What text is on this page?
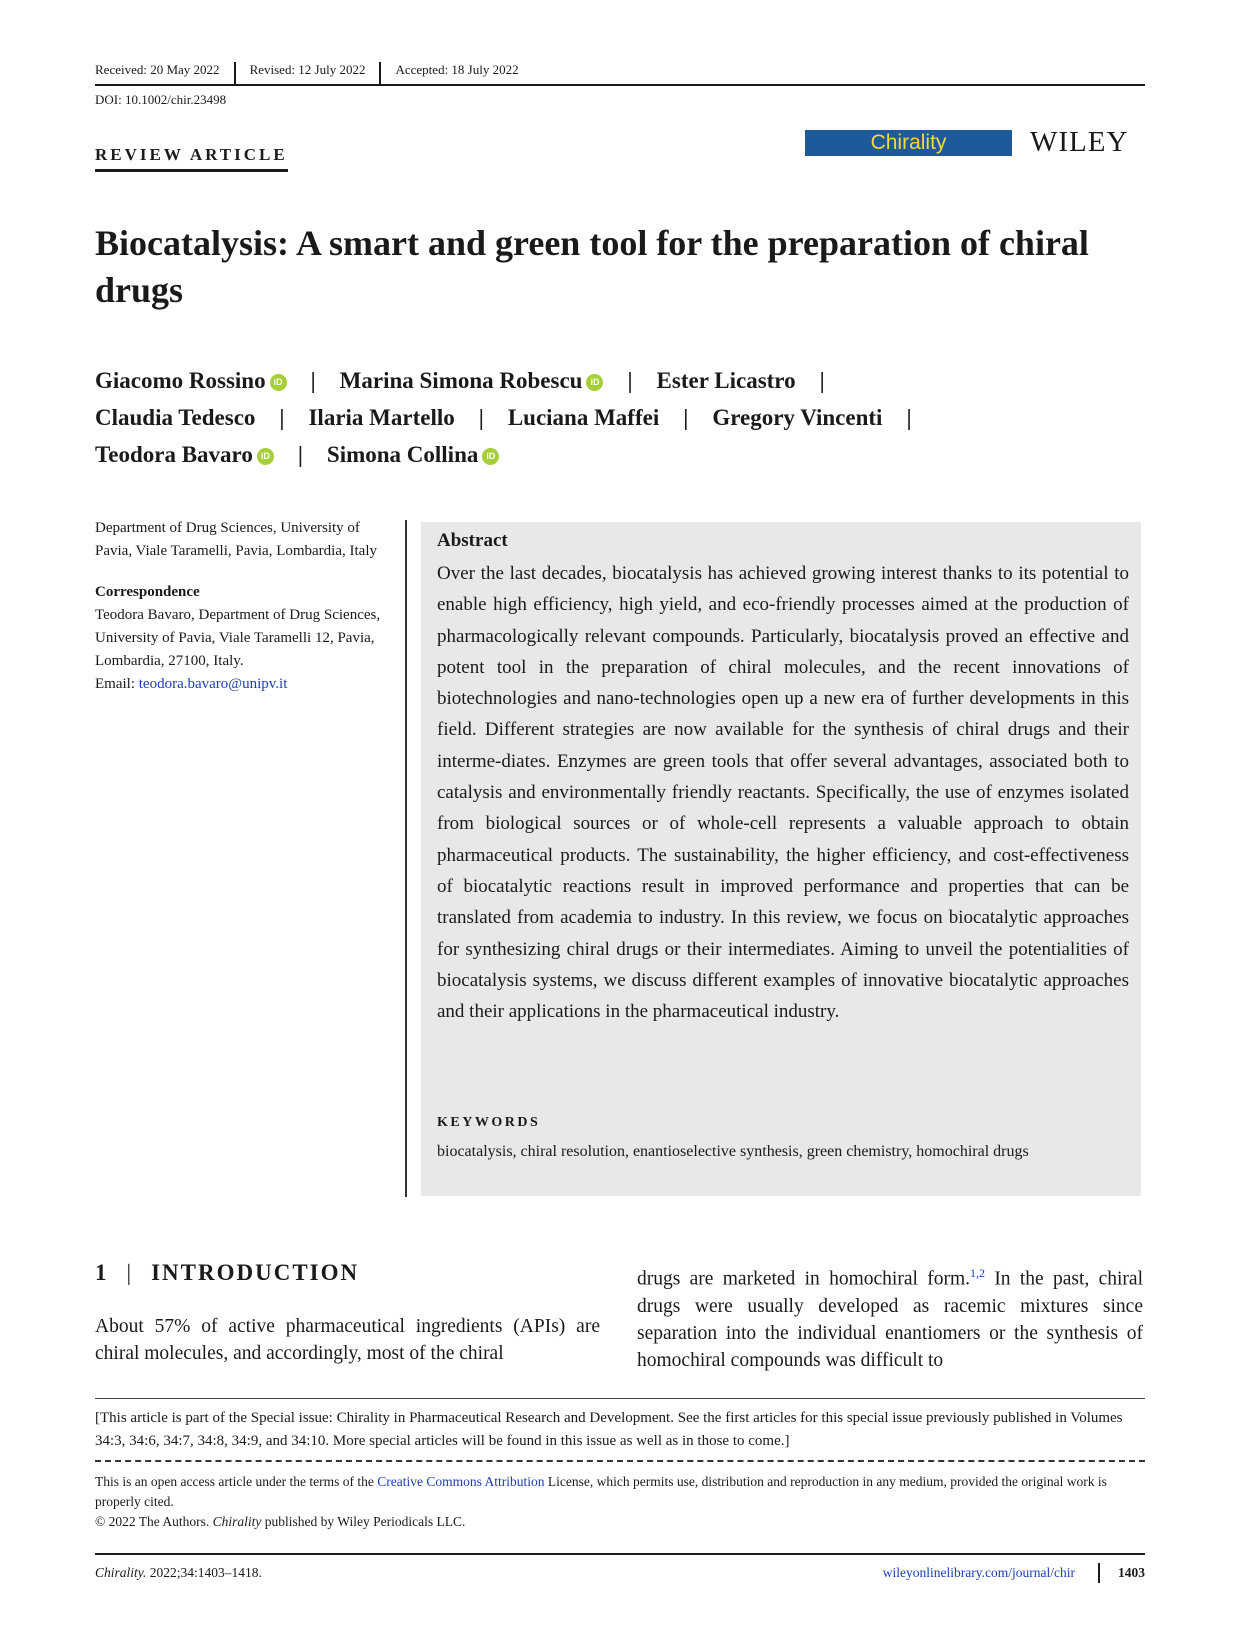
Received: 20 May 2022 Revised: 12 July 2022 Accepted: 18 July 2022
DOI: 10.1002/chir.23498
REVIEW ARTICLE
Chirality	WILEY
Biocatalysis: A smart and green tool for the preparation of chiral drugs
Giacomo Rossino iD | Marina Simona Robescu iD | Ester Licastro |
Claudia Tedesco | Ilaria Martello | Luciana Maffei | Gregory Vincenti |
Teodora Bavaro iD | Simona Collina iD
Department of Drug Sciences, University of Pavia, Viale Taramelli, Pavia, Lombardia, Italy
Correspondence
Teodora Bavaro, Department of Drug Sciences, University of Pavia, Viale Taramelli 12, Pavia, Lombardia, 27100, Italy.
Email: teodora.bavaro@unipv.it
Abstract
Over the last decades, biocatalysis has achieved growing interest thanks to its potential to enable high efficiency, high yield, and eco-friendly processes aimed at the production of pharmacologically relevant compounds. Particularly, biocatalysis proved an effective and potent tool in the preparation of chiral molecules, and the recent innovations of biotechnologies and nano-technologies open up a new era of further developments in this field. Different strategies are now available for the synthesis of chiral drugs and their interme-diates. Enzymes are green tools that offer several advantages, associated both to catalysis and environmentally friendly reactants. Specifically, the use of enzymes isolated from biological sources or of whole-cell represents a valuable approach to obtain pharmaceutical products. The sustainability, the higher efficiency, and cost-effectiveness of biocatalytic reactions result in improved performance and properties that can be translated from academia to industry. In this review, we focus on biocatalytic approaches for synthesizing chiral drugs or their intermediates. Aiming to unveil the potentialities of biocatalysis systems, we discuss different examples of innovative biocatalytic approaches and their applications in the pharmaceutical industry.
KEYWORDS
biocatalysis, chiral resolution, enantioselective synthesis, green chemistry, homochiral drugs
1 | INTRODUCTION
About 57% of active pharmaceutical ingredients (APIs) are chiral molecules, and accordingly, most of the chiral
drugs are marketed in homochiral form.$^{1,2}$ In the past, chiral drugs were usually developed as racemic mixtures since separation into the individual enantiomers or the synthesis of homochiral compounds was difficult to
[This article is part of the Special issue: Chirality in Pharmaceutical Research and Development. See the first articles for this special issue previously published in Volumes 34:3, 34:6, 34:7, 34:8, 34:9, and 34:10. More special articles will be found in this issue as well as in those to come.]
This is an open access article under the terms of the Creative Commons Attribution License, which permits use, distribution and reproduction in any medium, provided the original work is properly cited.
© 2022 The Authors. Chirality published by Wiley Periodicals LLC.
Chirality. 2022;34:1403–1418.	wileyonlinelibrary.com/journal/chir	1403
